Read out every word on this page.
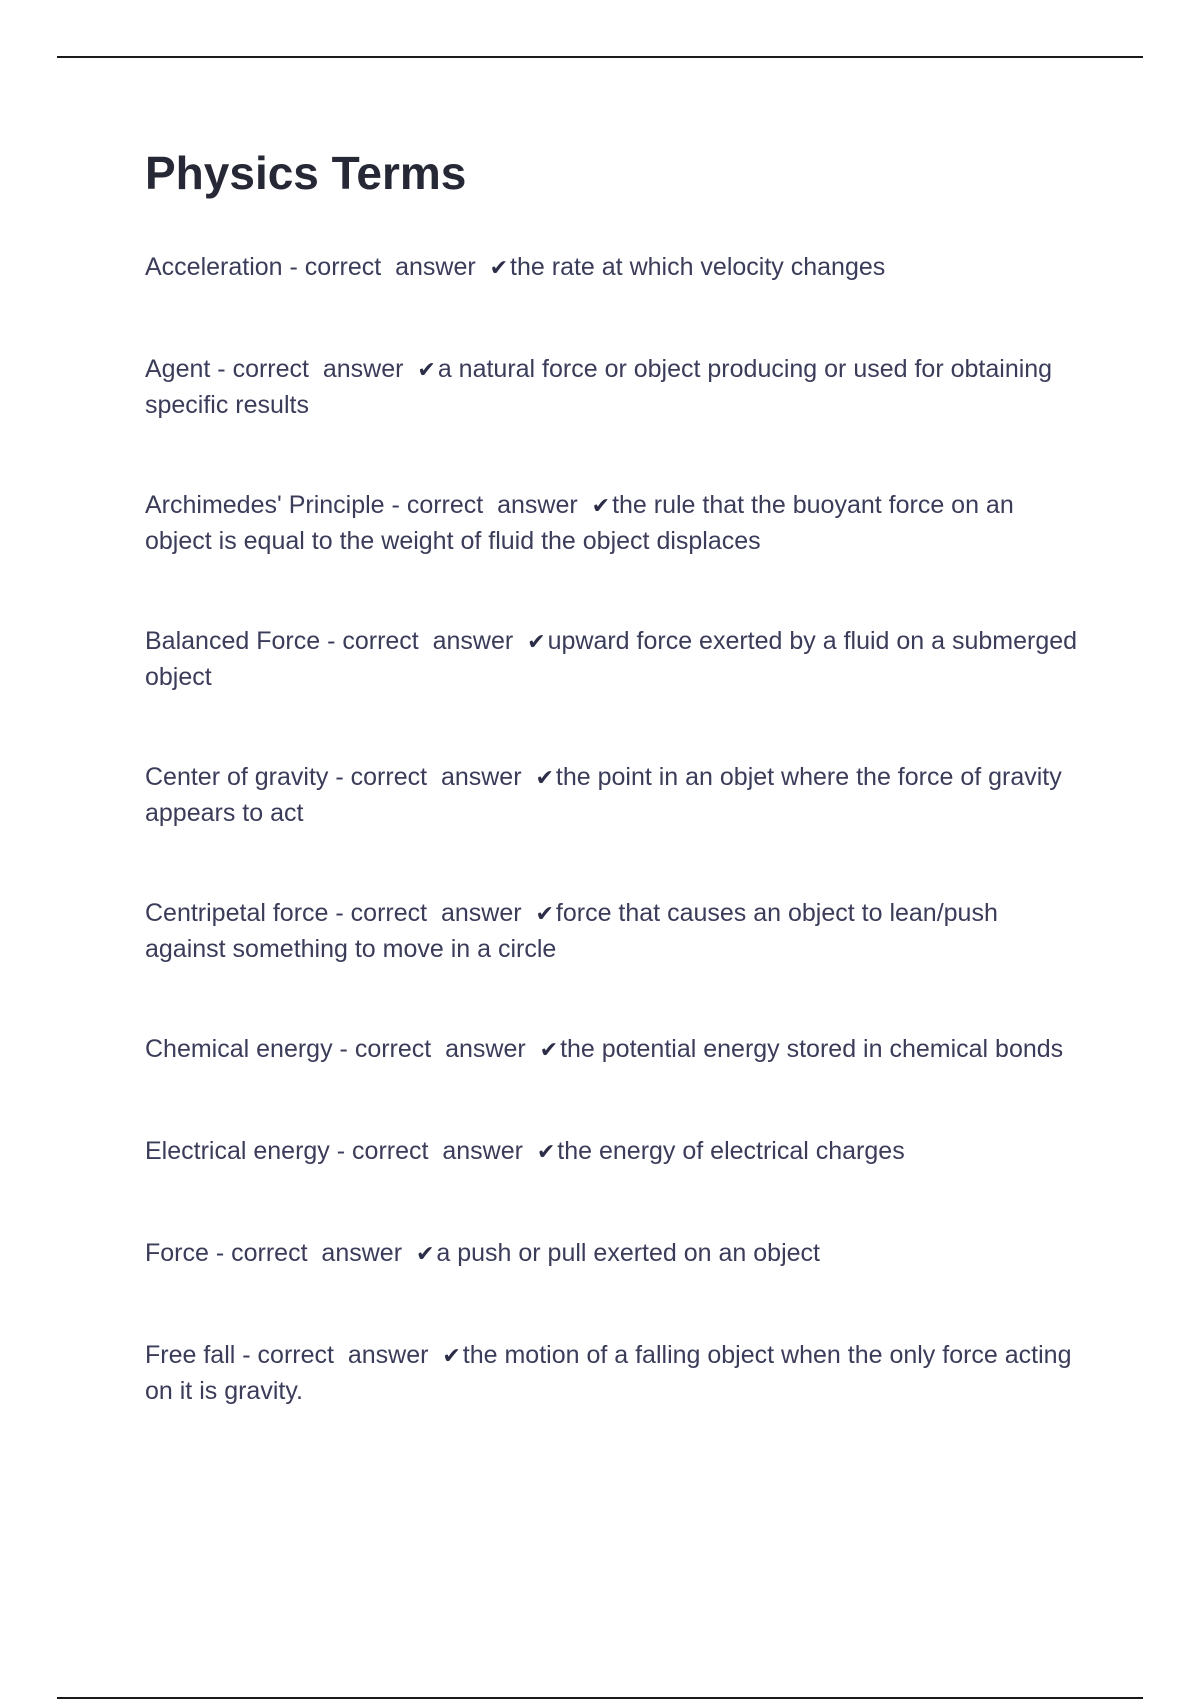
Physics Terms
Acceleration - correct  answer ✔the rate at which velocity changes
Agent - correct  answer ✔a natural force or object producing or used for obtaining specific results
Archimedes' Principle - correct  answer ✔the rule that the buoyant force on an object is equal to the weight of fluid the object displaces
Balanced Force - correct  answer ✔upward force exerted by a fluid on a submerged object
Center of gravity - correct  answer ✔the point in an objet where the force of gravity appears to act
Centripetal force - correct  answer ✔force that causes an object to lean/push against something to move in a circle
Chemical energy - correct  answer ✔the potential energy stored in chemical bonds
Electrical energy - correct  answer ✔the energy of electrical charges
Force - correct  answer ✔a push or pull exerted on an object
Free fall - correct  answer ✔the motion of a falling object when the only force acting on it is gravity.
